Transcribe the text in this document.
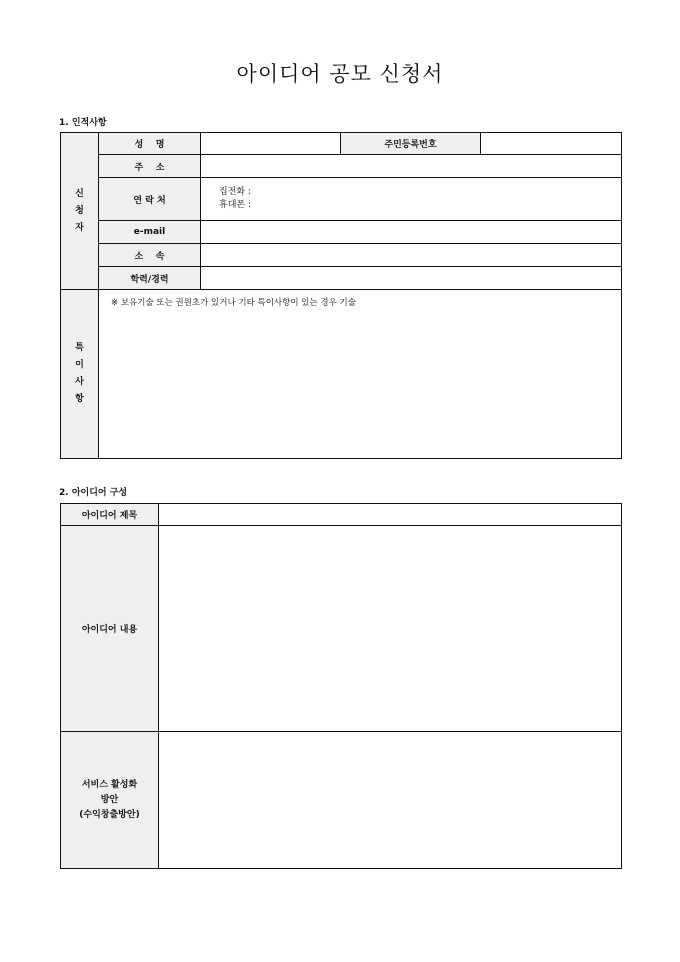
아이디어 공모 신청서
1. 인적사항
신
청
자	성    명		주민등록번호	
	주    소			
	연 락 처	집전화 :
휴대폰 :		

	e-mail			
	소    속			
	학력/경력			

특
이
사
항	※ 보유기술 또는 권원초가 있거나 기타 특이사항이 있는 경우 기술			
2. 아이디어 구성
아이디어 제목	
아이디어 내용	

서비스 활성화
방안
(수익창출방안)	
